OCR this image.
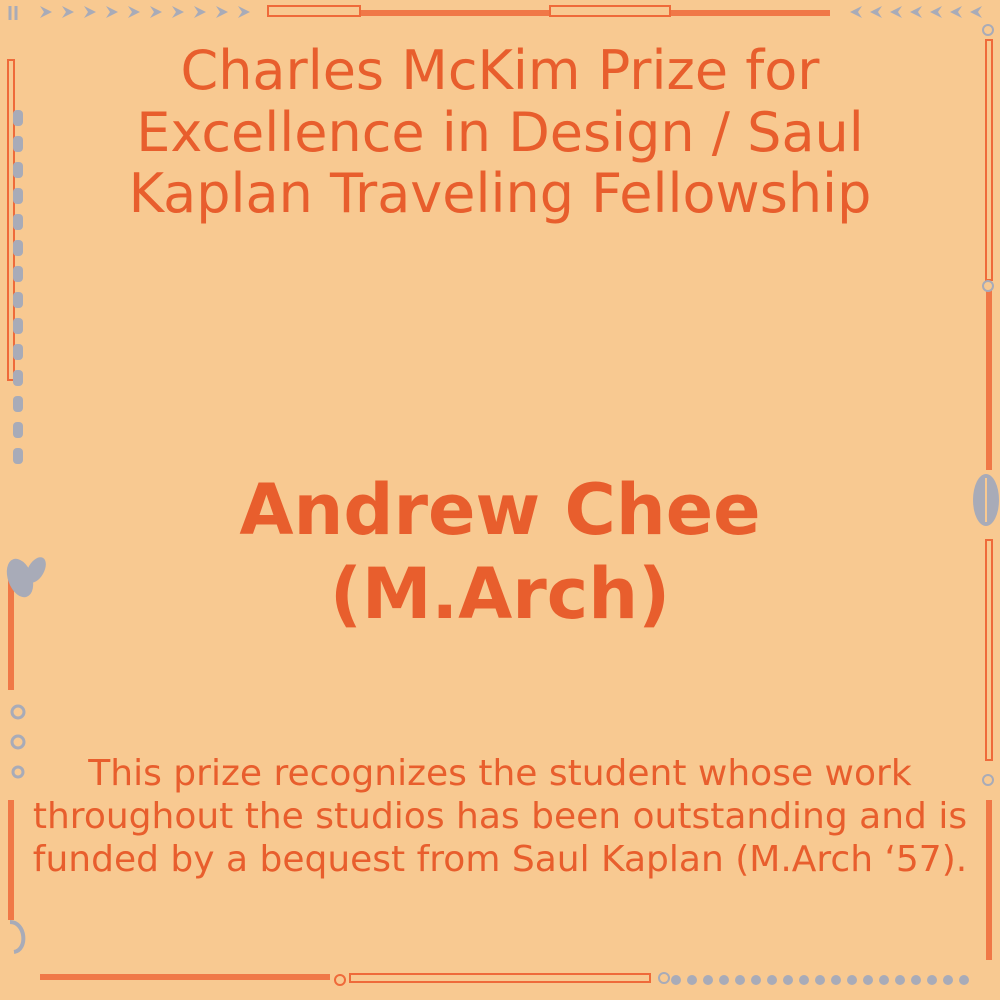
Charles McKim Prize for Excellence in Design / Saul Kaplan Traveling Fellowship
Andrew Chee
(M.Arch)

This prize recognizes the student whose work throughout the studios has been outstanding and is funded by a bequest from Saul Kaplan (M.Arch ‘57).
